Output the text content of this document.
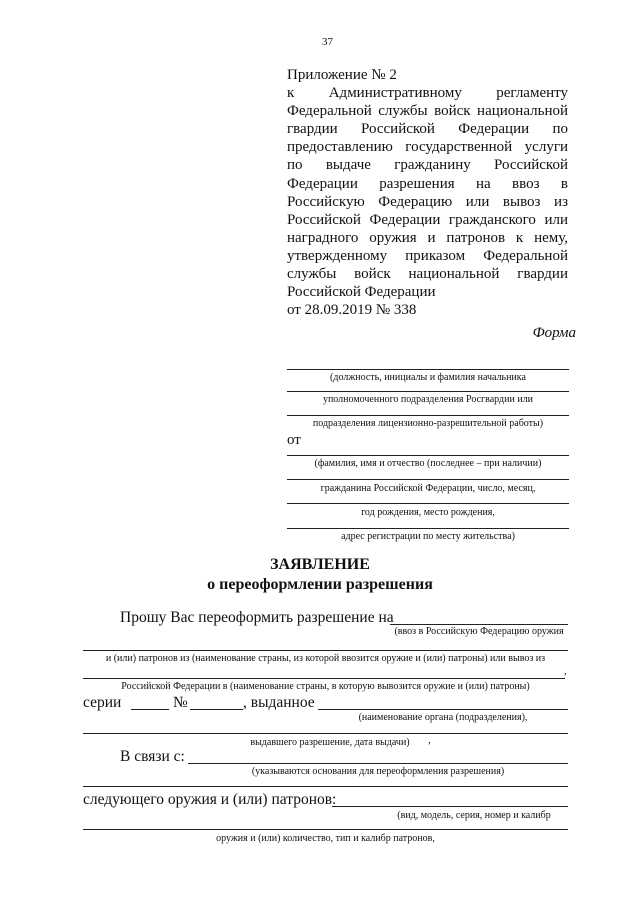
37
Приложение № 2
к Административному регламенту
Федеральной службы войск национальной
гвардии Российской Федерации по
предоставлению государственной услуги
по выдаче гражданину Российской
Федерации разрешения на ввоз в
Российскую Федерацию или вывоз из
Российской Федерации гражданского или
наградного оружия и патронов к нему,
утвержденному приказом Федеральной
службы войск национальной гвардии
Российской Федерации
от 28.09.2019 № 338
Форма
(должность, инициалы и фамилия начальника
уполномоченного подразделения Росгвардии или
подразделения лицензионно-разрешительной работы)
от
(фамилия, имя и отчество (последнее – при наличии)
гражданина Российской Федерации, число, месяц,
год рождения, место рождения,
адрес регистрации по месту жительства)
ЗАЯВЛЕНИЕ
о переоформлении разрешения
Прошу Вас переоформить разрешение на
(ввоз в Российскую Федерацию оружия
и (или) патронов из (наименование страны, из которой ввозится оружие и (или) патроны) или вывоз из
,
Российской Федерации в (наименование страны, в которую вывозится оружие и (или) патроны)
серии	№	, выданное
(наименование органа (подразделения),
выдавшего разрешение, дата выдачи)	,
В связи с:
(указываются основания для переоформления разрешения)
следующего оружия и (или) патронов:
(вид, модель, серия, номер и калибр
оружия и (или) количество, тип и калибр патронов,
